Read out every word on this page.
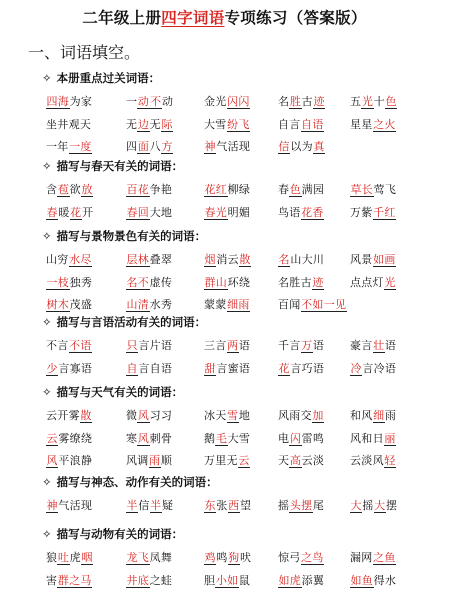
二年级上册四字词语专项练习（答案版）
一、词语填空。
✧ 本册重点过关词语：
四海为家	一动不动	金光闪闪	名胜古迹 五光十色
坐井观天	无边无际	大雪纷飞	自言自语 星星之火
一年一度	四面八方	神气活现	信以为真
✧ 描写与春天有关的词语：
含苞欲放	百花争艳	花红柳绿	春色满园 草长莺飞
春暖花开	春回大地	春光明媚	鸟语花香 万紫千红
✧ 描写与景物景色有关的词语：
山穷水尽	层林叠翠	烟消云散	名山大川 风景如画
一枝独秀	名不虚传	群山环绕	名胜古迹 点点灯光
树木茂盛	山清水秀	蒙蒙细雨	百闻不如一见
✧ 描写与言语活动有关的词语：
不言不语	只言片语	三言两语	千言万语 豪言壮语
少言寡语	自言自语	甜言蜜语	花言巧语 冷言冷语
✧ 描写与天气有关的词语：
云开雾散	微风习习	冰天雪地	风雨交加 和风细雨
云雾缭绕	寒风刺骨	鹅毛大雪	电闪雷鸣 风和日丽
风平浪静	风调雨顺	万里无云	天高云淡 云淡风轻
✧ 描写与神态、动作有关的词语：
神气活现	半信半疑	东张西望 摇头摆尾 大摇大摆
✧ 描写与动物有关的词语：
狼吐虎咽	龙飞凤舞	鸡鸣狗吠 惊弓之鸟 漏网之鱼
害群之马	井底之蛙	胆小如鼠	如虎添翼 如鱼得水
